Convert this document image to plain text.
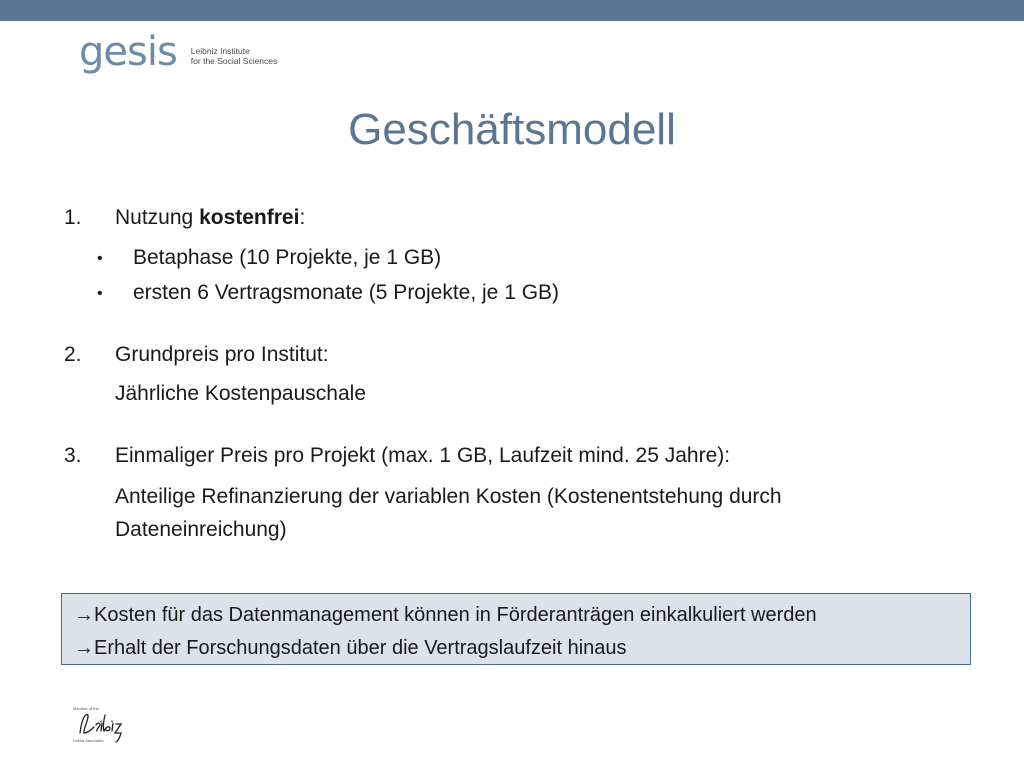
gesis Leibniz Institute
for the Social Sciences
Geschäftsmodell
1. Nutzung kostenfrei:
• Betaphase (10 Projekte, je 1 GB)
• ersten 6 Vertragsmonate (5 Projekte, je 1 GB)
2. Grundpreis pro Institut:
Jährliche Kostenpauschale
3. Einmaliger Preis pro Projekt (max. 1 GB, Laufzeit mind. 25 Jahre):
Anteilige Refinanzierung der variablen Kosten (Kostenentstehung durch
Dateneinreichung)
→Kosten für das Datenmanagement können in Förderanträgen einkalkuliert werden
→Erhalt der Forschungsdaten über die Vertragslaufzeit hinaus
Member of the
Leibniz Association
